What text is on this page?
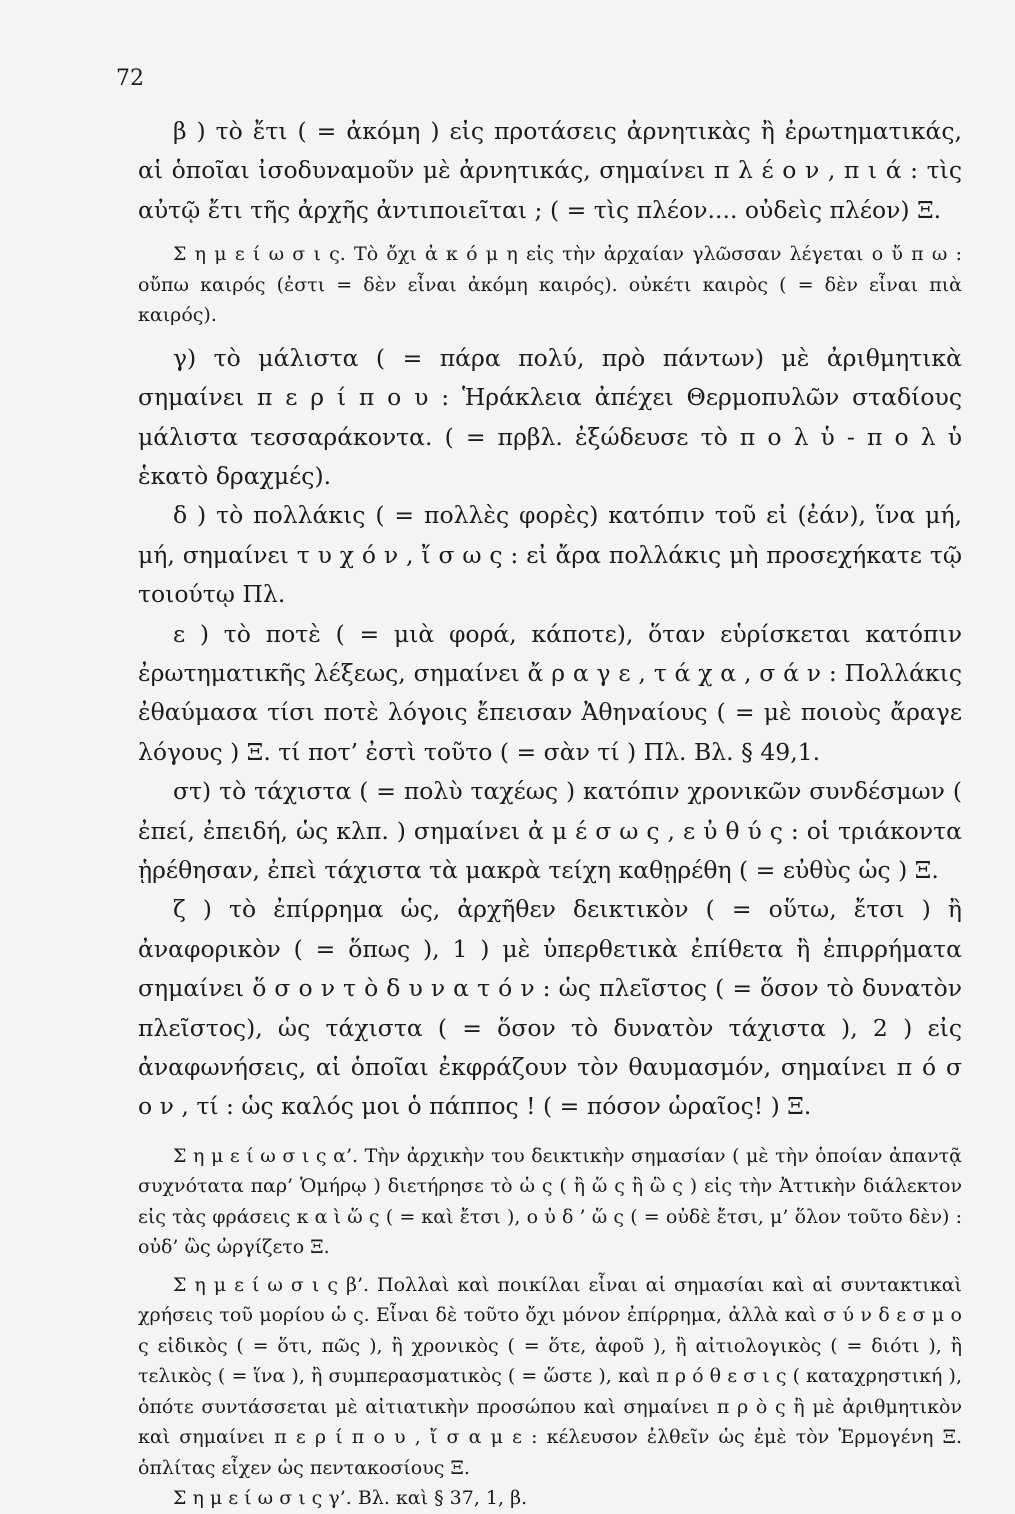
72

β ) τὸ ἔτι ( = ἀκόμη ) εἰς προτάσεις ἀρνητικὰς ἢ ἐρωτηματικάς, αἱ ὁποῖαι ἰσοδυναμοῦν μὲ ἀρνητικάς, σημαίνει π λ έ ο ν , π ι ά : τὶς αὐτῷ ἔτι τῆς ἀρχῆς ἀντιποιεῖται ; ( = τὶς πλέον.... οὐδεὶς πλέον) Ξ.

Σ η μ ε ί ω σ ι ς. Τὸ ὄχι ἀ κ ό μ η εἰς τὴν ἀρχαίαν γλῶσσαν λέγεται ο ὔ π ω : οὔπω καιρός (ἐστι = δὲν εἶναι ἀκόμη καιρός). οὐκέτι καιρὸς ( = δὲν εἶναι πιὰ καιρός).

γ) τὸ μάλιστα ( = πάρα πολύ, πρὸ πάντων) μὲ ἀριθμητικὰ σημαίνει π ε ρ ί π ο υ : Ἡράκλεια ἀπέχει Θερμοπυλῶν σταδίους μάλιστα τεσσαράκοντα. ( = πρβλ. ἐξώδευσε τὸ π ο λ ὑ - π ο λ ὑ ἑκατὸ δραχμές).

δ ) τὸ πολλάκις ( = πολλὲς φορὲς) κατόπιν τοῦ εἰ (ἐάν), ἵνα μή, μή, σημαίνει τ υ χ ό ν , ἴ σ ω ς : εἰ ἄρα πολλάκις μὴ προσεχήκατε τῷ τοιούτῳ Πλ.

ε ) τὸ ποτὲ ( = μιὰ φορά, κάποτε), ὅταν εὑρίσκεται κατόπιν ἐρωτηματικῆς λέξεως, σημαίνει ἄ ρ α γ ε , τ ά χ α , σ ά ν : Πολλάκις ἐθαύμασα τίσι ποτὲ λόγοις ἔπεισαν Ἀθηναίους ( = μὲ ποιοὺς ἄραγε λόγους ) Ξ. τί ποτ’ ἐστὶ τοῦτο ( = σὰν τί ) Πλ. Βλ. § 49,1.

στ) τὸ τάχιστα ( = πολὺ ταχέως ) κατόπιν χρονικῶν συνδέσμων ( ἐπεί, ἐπειδή, ὡς κλπ. ) σημαίνει ἀ μ έ σ ω ς , ε ὐ θ ύ ς : οἱ τριάκοντα ᾑρέθησαν, ἐπεὶ τάχιστα τὰ μακρὰ τείχη καθῃρέθη ( = εὐθὺς ὡς ) Ξ.

ζ ) τὸ ἐπίρρημα ὡς, ἀρχῆθεν δεικτικὸν ( = οὕτω, ἔτσι ) ἢ ἀναφορικὸν ( = ὅπως ), 1 ) μὲ ὑπερθετικὰ ἐπίθετα ἢ ἐπιρρήματα σημαίνει ὅ σ ο ν τ ὸ δ υ ν α τ ό ν : ὡς πλεῖστος ( = ὅσον τὸ δυνατὸν πλεῖστος), ὡς τάχιστα ( = ὅσον τὸ δυνατὸν τάχιστα ), 2 ) εἰς ἀναφωνήσεις, αἱ ὁποῖαι ἐκφράζουν τὸν θαυμασμόν, σημαίνει π ό σ ο ν , τί : ὡς καλός μοι ὁ πάππος ! ( = πόσον ὡραῖος! ) Ξ.

Σ η μ ε ί ω σ ι ς α’. Τὴν ἀρχικὴν του δεικτικὴν σημασίαν ( μὲ τὴν ὁποίαν ἀπαντᾷ συχνότατα παρ’ Ὁμήρῳ ) διετήρησε τὸ ὡ ς ( ἢ ὥ ς ἢ ὣ ς ) εἰς τὴν Ἀττικὴν διάλεκτον εἰς τὰς φράσεις κ α ὶ ὥ ς ( = καὶ ἔτσι ), ο ὐ δ ’ ὥ ς ( = οὐδὲ ἔτσι, μ’ ὅλον τοῦτο δὲν) : οὐδ’ ὣς ὠργίζετο Ξ.

Σ η μ ε ί ω σ ι ς β’. Πολλαὶ καὶ ποικίλαι εἶναι αἱ σημασίαι καὶ αἱ συντακτικαὶ χρήσεις τοῦ μορίου ὡ ς. Εἶναι δὲ τοῦτο ὄχι μόνον ἐπίρρημα, ἀλλὰ καὶ σ ύ ν δ ε σ μ ο ς εἰδικὸς ( = ὅτι, πῶς ), ἢ χρονικὸς ( = ὅτε, ἀφοῦ ), ἢ αἰτιολογικὸς ( = διότι ), ἢ τελικὸς ( = ἵνα ), ἢ συμπερασματικὸς ( = ὥστε ), καὶ π ρ ό θ ε σ ι ς ( καταχρηστική ), ὁπότε συντάσσεται μὲ αἰτιατικὴν προσώπου καὶ σημαίνει π ρ ὸ ς ἢ μὲ ἀριθμητικὸν καὶ σημαίνει π ε ρ ί π ο υ , ἴ σ α μ ε : κέλευσον ἐλθεῖν ὡς ἐμὲ τὸν Ἑρμογένη Ξ. ὁπλίτας εἶχεν ὡς πεντακοσίους Ξ.

Σ η μ ε ί ω σ ι ς γ’. Βλ. καὶ § 37, 1, β.
